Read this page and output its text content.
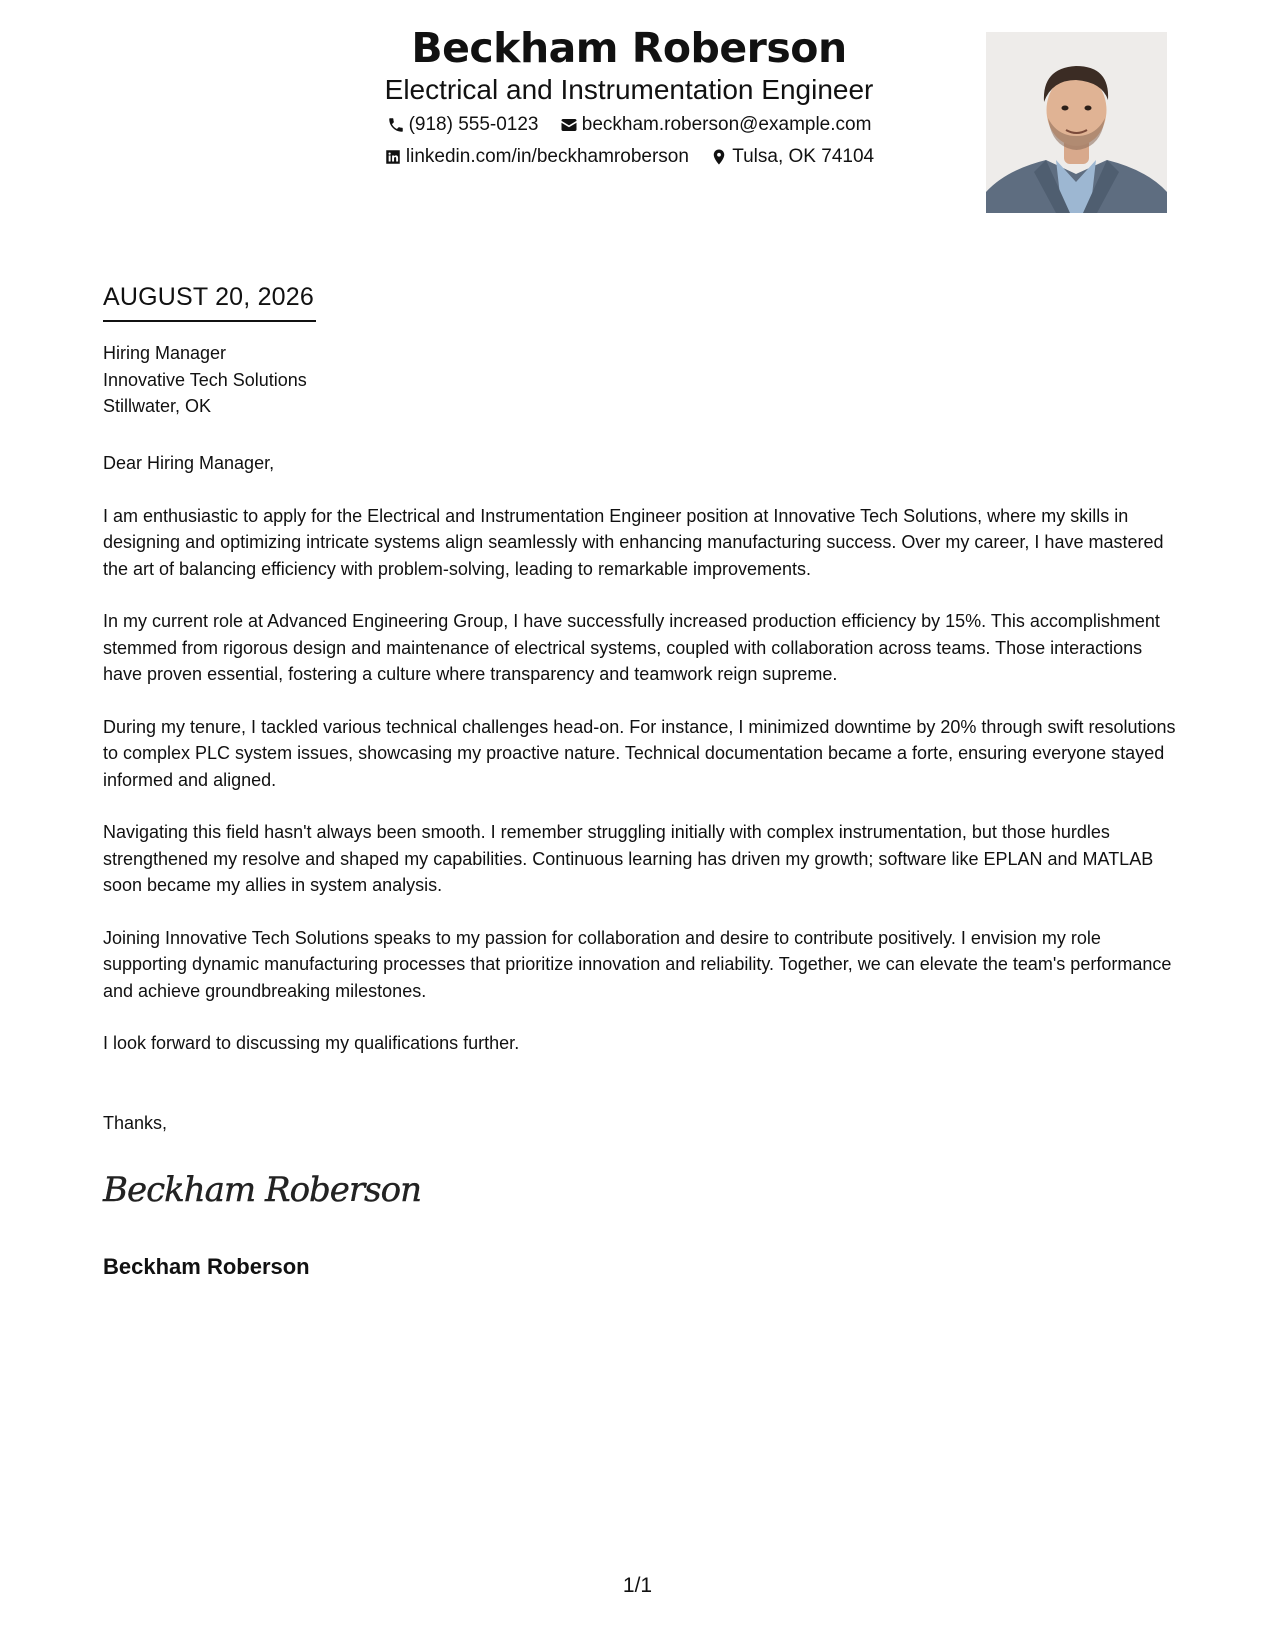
Beckham Roberson
Electrical and Instrumentation Engineer
(918) 555-0123
beckham.roberson@example.com
linkedin.com/in/beckhamroberson
Tulsa, OK 74104
AUGUST 20, 2026
Hiring Manager
Innovative Tech Solutions
Stillwater, OK

Dear Hiring Manager,

I am enthusiastic to apply for the Electrical and Instrumentation Engineer position at Innovative Tech Solutions, where my skills in designing and optimizing intricate systems align seamlessly with enhancing manufacturing success. Over my career, I have mastered the art of balancing efficiency with problem-solving, leading to remarkable improvements.

In my current role at Advanced Engineering Group, I have successfully increased production efficiency by 15%. This accomplishment stemmed from rigorous design and maintenance of electrical systems, coupled with collaboration across teams. Those interactions have proven essential, fostering a culture where transparency and teamwork reign supreme.

During my tenure, I tackled various technical challenges head-on. For instance, I minimized downtime by 20% through swift resolutions to complex PLC system issues, showcasing my proactive nature. Technical documentation became a forte, ensuring everyone stayed informed and aligned.

Navigating this field hasn't always been smooth. I remember struggling initially with complex instrumentation, but those hurdles strengthened my resolve and shaped my capabilities. Continuous learning has driven my growth; software like EPLAN and MATLAB soon became my allies in system analysis.

Joining Innovative Tech Solutions speaks to my passion for collaboration and desire to contribute positively. I envision my role supporting dynamic manufacturing processes that prioritize innovation and reliability. Together, we can elevate the team's performance and achieve groundbreaking milestones.

I look forward to discussing my qualifications further.

Thanks,
Beckham Roberson
Beckham Roberson
1/1
